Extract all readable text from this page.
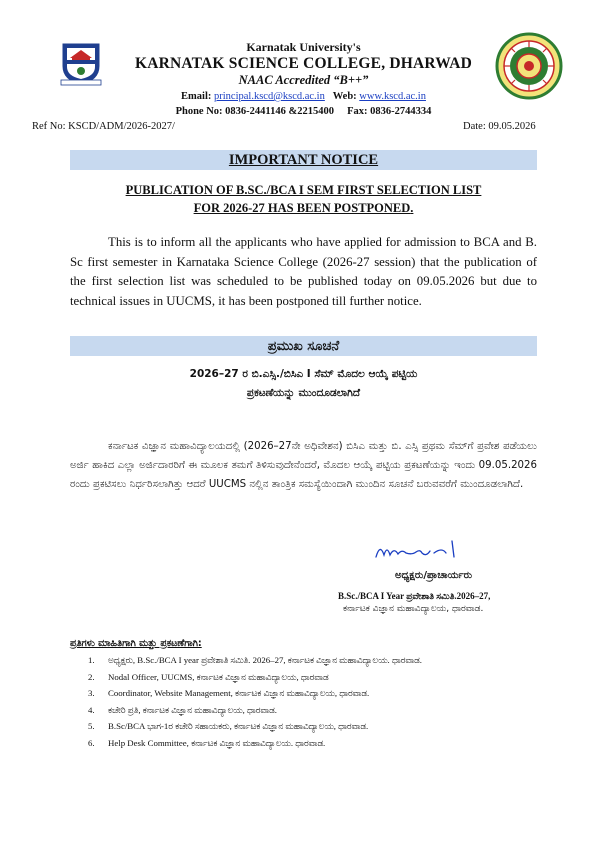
Karnatak University's
KARNATAK SCIENCE COLLEGE, DHARWAD
NAAC Accredited “B++”
Email: principal.kscd@kscd.ac.in Web: www.kscd.ac.in
Phone No: 0836-2441146 &2215400 Fax: 0836-2744334
Ref No: KSCD/ADM/2026-2027/	Date: 09.05.2026
IMPORTANT NOTICE
PUBLICATION OF B.SC./BCA I SEM FIRST SELECTION LIST
FOR 2026-27 HAS BEEN POSTPONED.
This is to inform all the applicants who have applied for admission to BCA and B. Sc first semester in Karnataka Science College (2026-27 session) that the publication of the first selection list was scheduled to be published today on 09.05.2026 but due to technical issues in UUCMS, it has been postponed till further notice.
ಪ್ರಮುಖ ಸೂಚನೆ
2026–27 ರ ಬಿ.ಎಸ್ಸಿ./ಬಿಸಿಎ I ಸೆಮ್ ಮೊದಲ ಆಯ್ಕೆ ಪಟ್ಟಿಯ
ಪ್ರಕಟಣೆಯನ್ನು ಮುಂದೂಡಲಾಗಿದೆ
ಕರ್ನಾಟಕ ವಿಜ್ಞಾನ ಮಹಾವಿದ್ಯಾಲಯದಲ್ಲಿ (2026–27ನೇ ಅಧಿವೇಶನ) ಬಿಸಿಎ ಮತ್ತು ಬಿ. ಎಸ್ಸಿ ಪ್ರಥಮ ಸೆಮ್‌ಗೆ ಪ್ರವೇಶ ಪಡೆಯಲು ಅರ್ಜಿ ಹಾಕಿದ ಎಲ್ಲಾ ಅರ್ಜಿದಾರರಿಗೆ ಈ ಮೂಲಕ ತಮಗೆ ತಿಳಿಸುವುದೇನೆಂದರೆ, ಮೊದಲ ಆಯ್ಕೆ ಪಟ್ಟಿಯ ಪ್ರಕಟಣೆಯನ್ನು ಇಂದು 09.05.2026 ರಂದು ಪ್ರಕಟಿಸಲು ನಿರ್ಧರಿಸಲಾಗಿತ್ತು ಆದರೆ UUCMS ನಲ್ಲಿನ ತಾಂತ್ರಿಕ ಸಮಸ್ಯೆಯಿಂದಾಗಿ ಮುಂದಿನ ಸೂಚನೆ ಬರುವವರೆಗೆ ಮುಂದೂಡಲಾಗಿದೆ.
ಅಧ್ಯಕ್ಷರು/ಪ್ರಾಚಾರ್ಯರು
B.Sc./BCA I Year ಪ್ರವೇಶಾತಿ ಸಮಿತಿ.2026–27,
ಕರ್ನಾಟಕ ವಿಜ್ಞಾನ ಮಹಾವಿದ್ಯಾಲಯ, ಧಾರವಾಡ.
ಪ್ರತಿಗಳು ಮಾಹಿತಿಗಾಗಿ ಮತ್ತು ಪ್ರಕಟಣೆಗಾಗಿ:
1. ಅಧ್ಯಕ್ಷರು, B.Sc./BCA I year ಪ್ರವೇಶಾತಿ ಸಮಿತಿ. 2026–27, ಕರ್ನಾಟಕ ವಿಜ್ಞಾನ ಮಹಾವಿದ್ಯಾಲಯ. ಧಾರವಾಡ.
2. Nodal Officer, UUCMS, ಕರ್ನಾಟಕ ವಿಜ್ಞಾನ ಮಹಾವಿದ್ಯಾಲಯ, ಧಾರವಾಡ
3. Coordinator, Website Management, ಕರ್ನಾಟಕ ವಿಜ್ಞಾನ ಮಹಾವಿದ್ಯಾಲಯ, ಧಾರವಾಡ.
4. ಕಚೇರಿ ಪ್ರತಿ, ಕರ್ನಾಟಕ ವಿಜ್ಞಾನ ಮಹಾವಿದ್ಯಾಲಯ, ಧಾರವಾಡ.
5. B.Sc/BCA ಭಾಗ-1ರ ಕಚೇರಿ ಸಹಾಯಕರು, ಕರ್ನಾಟಕ ವಿಜ್ಞಾನ ಮಹಾವಿದ್ಯಾಲಯ, ಧಾರವಾಡ.
6. Help Desk Committee, ಕರ್ನಾಟಕ ವಿಜ್ಞಾನ ಮಹಾವಿದ್ಯಾಲಯ. ಧಾರವಾಡ.
